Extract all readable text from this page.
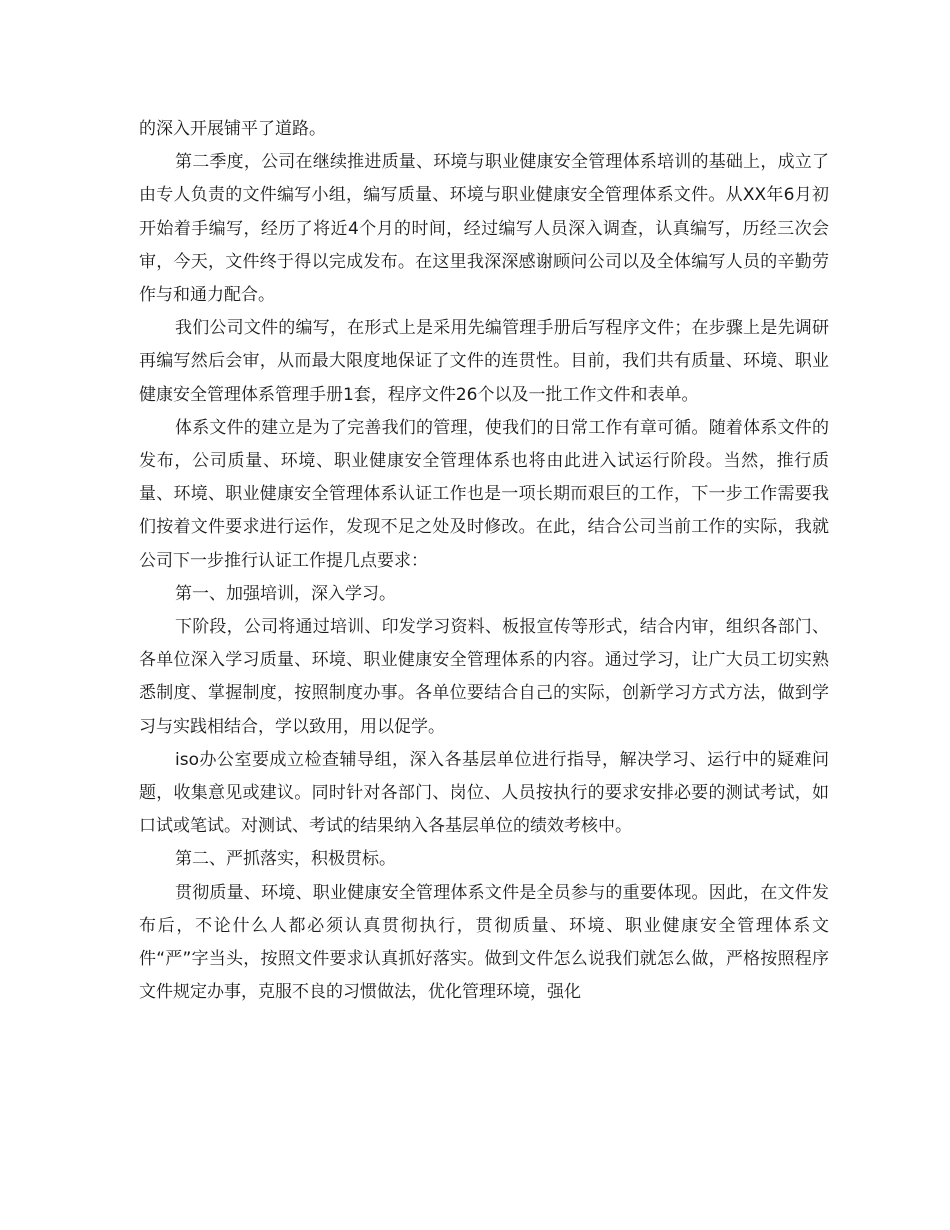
的深入开展铺平了道路。

第二季度，公司在继续推进质量、环境与职业健康安全管理体系培训的基础上，成立了由专人负责的文件编写小组，编写质量、环境与职业健康安全管理体系文件。从XX年6月初开始着手编写，经历了将近4个月的时间，经过编写人员深入调查，认真编写，历经三次会审，今天，文件终于得以完成发布。在这里我深深感谢顾问公司以及全体编写人员的辛勤劳作与和通力配合。

我们公司文件的编写，在形式上是采用先编管理手册后写程序文件；在步骤上是先调研再编写然后会审，从而最大限度地保证了文件的连贯性。目前，我们共有质量、环境、职业健康安全管理体系管理手册1套，程序文件26个以及一批工作文件和表单。

体系文件的建立是为了完善我们的管理，使我们的日常工作有章可循。随着体系文件的发布，公司质量、环境、职业健康安全管理体系也将由此进入试运行阶段。当然，推行质量、环境、职业健康安全管理体系认证工作也是一项长期而艰巨的工作，下一步工作需要我们按着文件要求进行运作，发现不足之处及时修改。在此，结合公司当前工作的实际，我就公司下一步推行认证工作提几点要求：

第一、加强培训，深入学习。

下阶段，公司将通过培训、印发学习资料、板报宣传等形式，结合内审，组织各部门、各单位深入学习质量、环境、职业健康安全管理体系的内容。通过学习，让广大员工切实熟悉制度、掌握制度，按照制度办事。各单位要结合自己的实际，创新学习方式方法，做到学习与实践相结合，学以致用，用以促学。

iso办公室要成立检查辅导组，深入各基层单位进行指导，解决学习、运行中的疑难问题，收集意见或建议。同时针对各部门、岗位、人员按执行的要求安排必要的测试考试，如口试或笔试。对测试、考试的结果纳入各基层单位的绩效考核中。

第二、严抓落实，积极贯标。

贯彻质量、环境、职业健康安全管理体系文件是全员参与的重要体现。因此，在文件发布后，不论什么人都必须认真贯彻执行，贯彻质量、环境、职业健康安全管理体系文件“严”字当头，按照文件要求认真抓好落实。做到文件怎么说我们就怎么做，严格按照程序文件规定办事，克服不良的习惯做法，优化管理环境，强化
